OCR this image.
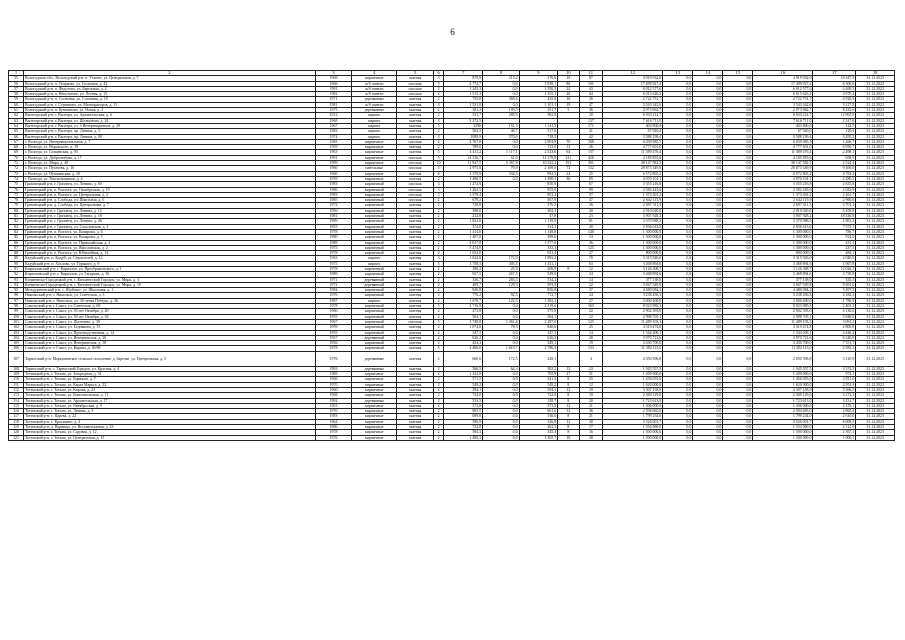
6
1	2	3	4	5	6	7	8	9	10	11	12	13	14	15	16	17	18
55	Вологодская обл., Вологодский р-н, п. Уткино, ул. Центральная, д. 7	1969	кирпичные	скатная	3	879,9	215,2	276,6	10	87	4 919 932,0	0,0	0,0	0,0	4 919 932,0	10 347,5	31.12.2023
56	Вологодский р-н, п. Огарково, ул. Сосновая, д. 43	1966	ж/б панели	плоская	5	2 774,7	0,0	1 938,1	80	101	17 499 927,2	0,0	0,0	0,0	17 499 927,2	6 306,6	31.12.2023
57	Вологодский р-н, п. Федотово, ул. Березовая, д. 4	1991	ж/б панели	плоская	2	1 243,3	0,0	1 356,3	24	43	6 012 577,6	0,0	0,0	0,0	6 012 577,6	4 469,3	31.12.2023
58	Вологодский р-н, п. Непотягово, ул. Лесная, д. 15	1982	ж/б панели	плоская	2	1 515,3	0,0	1 355,1	26	44	6 015 626,2	0,0	0,0	0,0	6 015 626,2	3 970,2	31.12.2023
59	Вологодский р-н, п. Сосновка, ул. Сосновая, д. 18	1971	деревянные	скатная	2	735,8	369,6	435,0	16	26	2 722 751,7	0,0	0,0	0,0	2 722 751,7	4 926,9	31.12.2023
60	Вологодский р-н, с. Стризнево, ул. Мелиораторов, д. 11	1981	ж/б панели	скатная	3	1 531,0	0,0	1 101,1	18	47	3 543 342,6	0,0	0,0	0,0	3 543 342,6	3 217,8	31.12.2023
61	Вологодский р-н, п. Кувшиново, ул. Новая, д. 2	1975	деревянные	скатная	2	381,2	109,5	251,7	5	36	2 973 962,7	0,0	0,0	0,0	2 973 962,7	8 235,6	31.12.2023
62	Вытегорский р-н, г. Вытегра, ул. Архангельская, д. 6	1912	кирпич	скатная	2	531,7	288,9	382,8		20	6 933 214,7	0,0	0,0	0,0	6 933 214,7	12 967,0	31.12.2023
63	Вытегорский р-н, г. Вытегра, ул. Шелкунова, д. 24	1968	кирпич	скатная	3	3 272,5				137	7 616 711,0	0,0	0,0	0,0	7 616 711,0	2 317,6	31.12.2023
64	Вытегорский р-н, г. Вытегра, ул. 3 Интернационала, д. 29	1967	кирпич	скатная	5	3296	151,5	1 141,5		171	403 800,0	0,0	0,0	0,0	403 800,0	122,5	31.12.2023
65	Вытегорский р-н, г. Вытегра, пр. Ленина, д. 3	1983	кирпич	скатная	2	564,3	46,7	517,6		21	67 920,0	0,0	0,0	0,0	67 920,0	120,4	31.12.2023
66	Вытегорский р-н, г. Вытегра, пр. Ленина, д. 80	1974	кирпич	скатная	3	1088,9	370,6	718,3		42	3 588 199,4	0,0	0,0	0,0	3 588 199,4	3 295,2	31.12.2023
67	г. Вологда, ул. Интернациональная, д. 7	1983	кирпичные	плоская	4	4 767,8	0,0	3 903,8	70	168	6 039 985,5	0,0	0,0	0,0	6 039 985,5	1 266,7	31.12.2023
68	г. Вологда, ул. Воровского, д. 19	1959	кирпичные	скатная	2	789,6	0,0	723,8	12	26	4 777 601,0	0,0	0,0	0,0	4 777 601,0	6 050,7	31.12.2023
69	г. Вологда, ул. Галкинская, д. 95	1963	кирпичные	скатная	5	4 411,2	1 117,1	2 523,0	64	137	11 389 476,4	0,0	0,0	0,0	11 389 476,4	2 498,1	31.12.2023
70	г. Вологда, ул. Добролюбова, д. 17	1991	кирпичные	плоская	5	14 316,7	61,0	11 179,8	211	426	4 185 855,6	0,0	0,0	0,0	4 185 855,6	658,9	31.12.2023
71	г. Вологда, ул. Мира, д. 40	1989	кирпичные	плоская	10	11 947,5	5 367,8	10 542,2	191	301	38 147 582,5	0,0	0,0	0,0	38 147 582,5	2 524,4	31.12.2023
72	г. Вологда, ул. Пугачева, д. 16	1960	панельные	плоская	5	2 975,8	79,9	2 169,6	72	132	28 873 349,9	0,0	0,0	0,0	28 873 349,9	9 469,0	31.12.2023
73	г. Вологда, ул. Пушкинская, д. 18	1960	кирпичные	скатная	4	1 379,9	334,3	992,3	24	25	6 572 803,2	0,0	0,0	0,0	6 572 803,2	4 763,2	31.12.2023
74	г. Вологда, ул. Текстильщиков, д. 4	1959	кирпичные	скатная	2	1 490,5	0,0	1 490,5	36	85	4 070 101,1	0,0	0,0	0,0	4 070 101,1	2 280,5	31.12.2023
75	Грязовецкий р-н, г. Грязовец, ул. Ленина, д. 60	1983	кирпичный	плоская	3	1 272,9		850,9		67	3 355 216,8	0,0	0,0	0,0	3 355 216,8	2 635,8	31.12.2023
76	Грязовецкий р-н, п. Вохтога, ул. Октябрьская, д. 19	1986	кирпичный	плоская	3	1 263,5		855,0		99	2 582 445,6	0,0	0,0	0,0	2 582 445,6	2 043,9	31.12.2023
77	Грязовецкий р-н, п. Вохтога, ул. Центральная, д. 2	1983	кирпичный	плоская	3	1 379,4		853,2		57	1 373 301,2	0,0	0,0	0,0	1 373 301,2	2 461,7	31.12.2023
78	Грязовецкий р-н, д. Слобода, ул. Школьная, д. 6	1985	кирпичный	плоская	2	679,2		367,9		47	2 642 115,9	0,0	0,0	0,0	2 642 115,9	2 960,6	31.12.2023
79	Грязовецкий р-н, д. Слобода, ул. Центральная, д. 7	1972	кирпичный	скатная	2	728,8		376,5		26	2 697 311,3	0,0	0,0	0,0	2 697 311,3	3 701,1	31.12.2023
80	Грязовецкий р-н, г. Грязовец, ул. Ленина, д. 12	1956	кирпичный	скатная	2	398,6		302,3		20	2 010 020,0	0,0	0,0	0,0	2 010 020,0	5 459,8	31.12.2023
81	Грязовецкий р-н, г. Грязовец, ул. Ленина, д. 18	1981	кирпичный	скатная	2	212,8		47,8		23	3 907 928,2	0,0	0,0	0,0	3 907 928,2	18 336,8	31.12.2023
82	Грязовецкий р-н, г. Грязовец, ул. Ленина, д. 46	1989	кирпичный	скатная	2	1 824,6		1 118,9		81	3 370 988,5	0,0	0,0	0,0	3 370 988,5	1 861,3	31.12.2023
83	Грязовецкий р-н, г. Грязовец, ул. Соколовская, д. 2	1953	кирпичный	скатная	2	374,6		314,5		20	2 836 613,6	0,0	0,0	0,0	2 836 613,6	7 573,1	31.12.2023
84	Грязовецкий р-н, п. Вохтога, ул. Комарова, д. 6	1978	кирпичный	скатная	2	1 414,6		1 148,8		140	1 300 000,0	0,0	0,0	0,0	1 300 000,0	786,7	31.12.2023
85	Грязовецкий р-н, п. Вохтога, ул. Комарова, д. 5	1980	кирпичный	скатная	2	1 407,0		389,6		14	1 300 000,0	0,0	0,0	0,0	1 300 000,0	924,0	31.12.2023
86	Грязовецкий р-н, п. Вохтога, ул. Первомайская, д. 2	1989	кирпичный	скатная	2	3 017,8		1 577,0		36	1 300 000,0	0,0	0,0	0,0	1 300 000,0	431,1	31.12.2023
87	Грязовецкий р-н, п. Вохтога, ул. Ярославская, д. 2	1975	кирпичный	скатная	2	5 474,0		333,3		125	1 300 000,0	0,0	0,0	0,0	1 300 000,0	237,5	31.12.2023
88	Грязовецкий р-н, п. Вохтога, ул. Юбилейная, д. 14	1978	кирпичный	скатная	2	1 652,0		921,4		27	800 000,0	0,0	0,0	0,0	800 000,0	484,1	31.12.2023
89	Кадуйский р-н, п. Кадуй, ул. Строителей, д. 12	1963	кирпич	скатная	3	1 624,0	172,9	1 993,2		70	3 315 926,0	0,0	0,0	0,0	3 315 926,0	2 040,9	31.12.2023
90	Кадуйский р-н, п. Хохлово, ул. Горького, д. 9	1975	кирпич	скатная	5	1 758,3	305,5	1 431,1		63	3 468 894,6	0,0	0,0	0,0	3 468 894,6	1 967,8	31.12.2023
91	Кирилловский р-н, г. Кириллов, ул. Преображенского, д. 1	1978	кирпичный	скатная	2	390,2	25,9	206,9	8	12	3 126 308,7	0,0	0,0	0,0	3 126 308,7	12 026,7	31.12.2023
92	Кирилловский р-н, г. Кириллов, ул. Гагарина, д. 36	1989	кирпичный	скатная	2	927,5	267,5	549,8		24	3 468 894,6	0,0	0,0	0,0	3 468 894,6	3 739,8	31.12.2023
93	Кичменгско-Городецкий р-н, с. Кичменгский Городок, ул. Мира, д. 3	1971	деревянный	скатная	2	336,7	283,3	534,2		14	377 138,0	0,0	0,0	0,0	377 138,0	335,5	31.12.2023
94	Кичменгско-Городецкий р-н, с. Кичменгский Городок, ул. Мира, д. 10	1972	деревянный	скатная	2	409,7	129,3	393,5		22	3 847 549,8	0,0	0,0	0,0	3 847 549,8	9 391,0	31.12.2023
95	Междуреченский р-н, с. Шуйское, ул. Школьная, д. 1	1984	кирпичный	скатная	2	846,8		856,8		37	4 480 084,2	0,0	0,0	0,0	4 480 084,2	5 497,5	31.12.2023
96	Никольский р-н, г. Никольск, ул. Советская, д. 3	1976	кирпичный	скатная	2	776,2	92,5	713,7		24	3 238 456,3	0,0	0,0	0,0	3 238 456,3	4 182,3	31.12.2023
97	Никольский р-н, г. Никольск, ул. 40-летия Победы, д. 36	1987	кирпич	скатная	2	1 678,7	122,5	1 282,2		27	3 000 400,0	0,0	0,0	0,0	3 000 400,0	1 786,8	31.12.2023
98	Сокольский р-н, г. Сокол, ул. Советская, д. 69	1978	кирпичный	скатная	5	3 716,9	0,0	2 319,6		163	8 923 985,3	0,0	0,0	0,0	8 923 985,3	2 401,2	31.12.2023
99	Сокольский р-н, г. Сокол, ул. 50 лет Октября, д. 20	1960	кирпичный	скатная	2	473,8	0,0	375,8		22	2 902 393,0	0,0	0,0	0,0	2 902 393,0	6 136,6	31.12.2023
100	Сокольский р-н, г. Сокол, ул. 50 лет Октября, д. 26	1955	кирпичный	скатная	2	504,1	0,0	504,1		12	2 998 705,1	0,0	0,0	0,0	2 998 705,1	5 948,6	31.12.2023
101	Сокольский р-н, г. Сокол, ул. Шатенево, д. 39	1967	кирпичный	плоская	5	3 748,8	1 461,8	2 287,0		125	11 489 103,3	0,0	0,0	0,0	11 489 103,3	3 091,3	31.12.2023
102	Сокольский р-н, г. Сокол, ул. Беднякова, д. 15	1959	кирпичный	скатная	2	1 074,0	78,3	846,6		25	3 319 474,8	0,0	0,0	0,0	3 319 474,8	2 800,8	31.12.2023
103	Сокольский р-н, г. Сокол, ул. Производственная, д. 14	1955	кирпичный	скатная	2	347,3	0,0	347,3		14	1 544 206,1	0,0	0,0	0,0	1 544 206,1	4 446,2	31.12.2023
104	Сокольский р-н, г. Сокол, ул. Интернатская, д. 20	1937	деревянный	скатная	2	626,2	0,0	626,2		28	3 970 721,6	0,0	0,0	0,0	3 970 721,6	6 340,9	31.12.2023
105	Сокольский р-н, г. Сокол, ул. Интернатская, д. 58	1956	кирпичный	скатная	2	454,3	0,0	349,1		19	3 430 700,0	0,0	0,0	0,0	3 430 700,0	7 551,7	31.12.2023
106	Сокольский р-н, г. Сокол, ул. Кирова, д. 28/69	1978	кирпичный	скатная	5	4 406,0	1 619,7	2 786,3		133	11 382 115,0	0,0	0,0	0,0	11 382 115,0	2 583,3	31.12.2023
107	Тарногский р-н, Маркушевское сельское поселение, д. Заречье, ул. Центральная, д. 5	1976	деревянные	скатная	2	660,6	172,5	228,1		4	2 050 396,8	0,0	0,0	0,0	2 050 396,8	3 120,9	31.12.2023
108	Тарногский р-н, с. Тарногский Городок, ул. Красная, д. 4	1993	деревянные	скатная	2	566,5	64,3	502,2	12	23	1 945 557,5	0,0	0,0	0,0	1 945 557,5	3 374,5	31.12.2023
109	Тотемский р-н, г. Тотьма, ул. Загородная, д. 31	1989	кирпичные	скатная	2	1 242,0	0,0	705,8	27	51	1 209 000,0	0,0	0,0	0,0	1 209 000,0	974,1	31.12.2023
110	Тотемский р-н, г. Тотьма, ул. Бирюков, д. 7	1966	кирпичные	скатная	2	571,5	0,0	341,3	8	25	1 456 055,0	0,0	0,0	0,0	1 456 055,0	2 811,0	31.12.2023
111	Тотемский р-н, г. Тотьма, ул. Карла Маркса, д. 22	1970	кирпичные	скатная	2	549,2	0,0	549,2	8	12	1 620 000,0	0,0	0,0	0,0	1 620 000,0	2 951,3	31.12.2023
112	Тотемский р-н, г. Тотьма, ул. Кирова, д. 23	1960	кирпичные	скатная	2	594,1	0,0	594,1	12	19	3 307 158,0	0,0	0,0	0,0	3 307 158,0	5 566,5	31.12.2023
113	Тотемский р-н, г. Тотьма, ул. Комсомольская, д. 11	1968	кирпичные	скатная	2	724,0	0,0	724,0	8	10	2 369 129,0	0,0	0,0	0,0	2 369 129,0	3 272,3	31.12.2023
114	Тотемский р-н, г. Тотьма, ул. Архангельская, д. 17	1992	деревянные	скатная	2	533,5	0,0	158,7	8	20	1 723 613,0	0,0	0,0	0,0	1 723 613,0	3 231,7	31.12.2023
115	Тотемский р-н, г. Тотьма, ул. Октябрьская, д. 9	1953	кирпичные	скатная	2	573,8	0,0	573,8	12	21	1 306 000,0	0,0	0,0	0,0	1 306 000,0	2 276,1	31.12.2023
116	Тотемский р-н, г. Тотьма, ул. Ленина, д. 3	1970	кирпичные	скатная	2	905,5	0,0	661,6	12	36	2 594 665,0	0,0	0,0	0,0	2 594 665,0	2 865,4	31.12.2023
117	Тотемский р-н, с. Царева, д. 22	1983	кирпичные	скатная	2	689,0	0,0	536,0	8	21	1 799 234,0	0,0	0,0	0,0	1 799 234,0	2 610,0	31.12.2023
118	Тотемский р-н, с. Красавино, д. 4	1964	кирпичные	скатная	2	586,9	0,0	326,8	12	30	3 526 001,7	0,0	0,0	0,0	3 526 001,7	6 008,5	31.12.2023
119	Тотемский р-н, д. Варницы, ул. Восьмиэтажная, д. 23	1986	кирпичные	скатная	2	732,8	0,0	262,5	8	17	1 554 969,0	0,0	0,0	0,0	1 554 969,0	2 121,9	31.12.2023
120	Тотемский р-н, г. Тотьма, ул. Садовая, д. 12	1978	кирпичные	скатная	2	584,3	0,0	345,4	8	16	1 500 000,0	0,0	0,0	0,0	1 500 000,0	2 567,1	31.12.2023
121	Тотемский р-н, г. Тотьма, ул. Центральная, д. 15	1976	кирпичные	скатная	2	1 490,3	0,0	1 305,7	18	38	1 500 000,0	0,0	0,0	0,0	1 500 000,0	1 006,5	31.12.2023
